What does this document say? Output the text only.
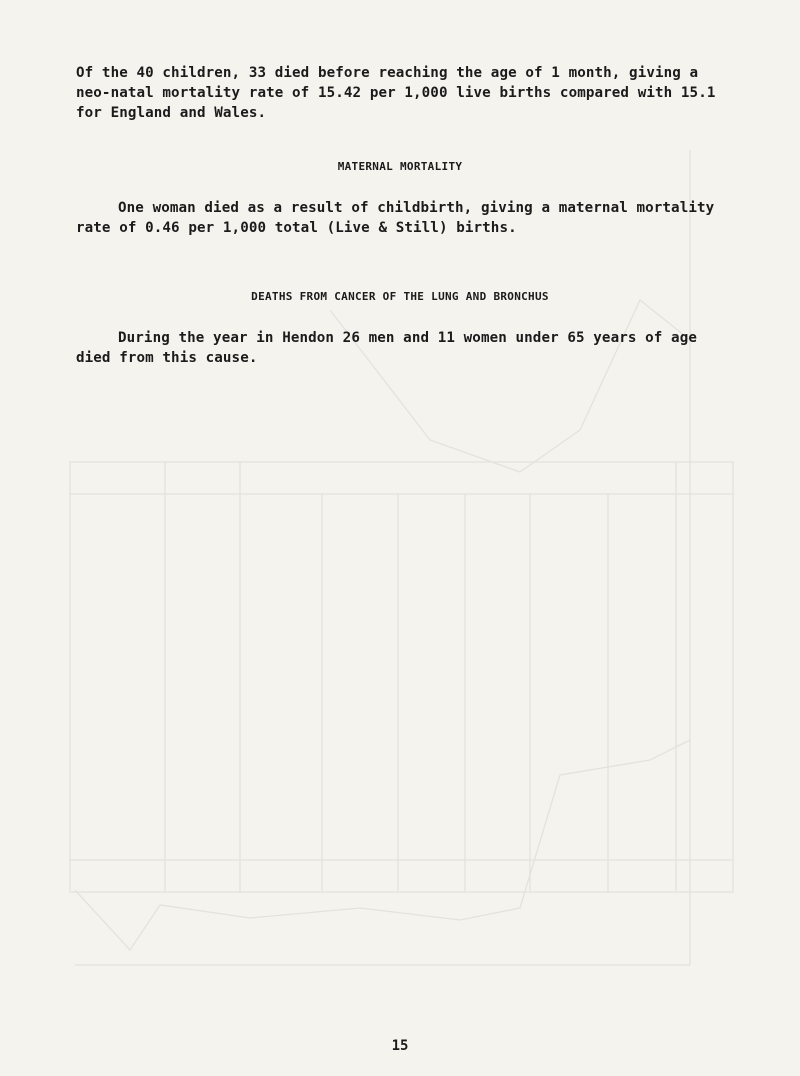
Of the 40 children, 33 died before reaching the age of 1 month, giving a neo-natal mortality rate of 15.42 per 1,000 live births compared with 15.1 for England and Wales.

MATERNAL MORTALITY

One woman died as a result of childbirth, giving a maternal mortality rate of 0.46 per 1,000 total (Live & Still) births.

DEATHS FROM CANCER OF THE LUNG AND BRONCHUS

During the year in Hendon 26 men and 11 women under 65 years of age died from this cause.

15
